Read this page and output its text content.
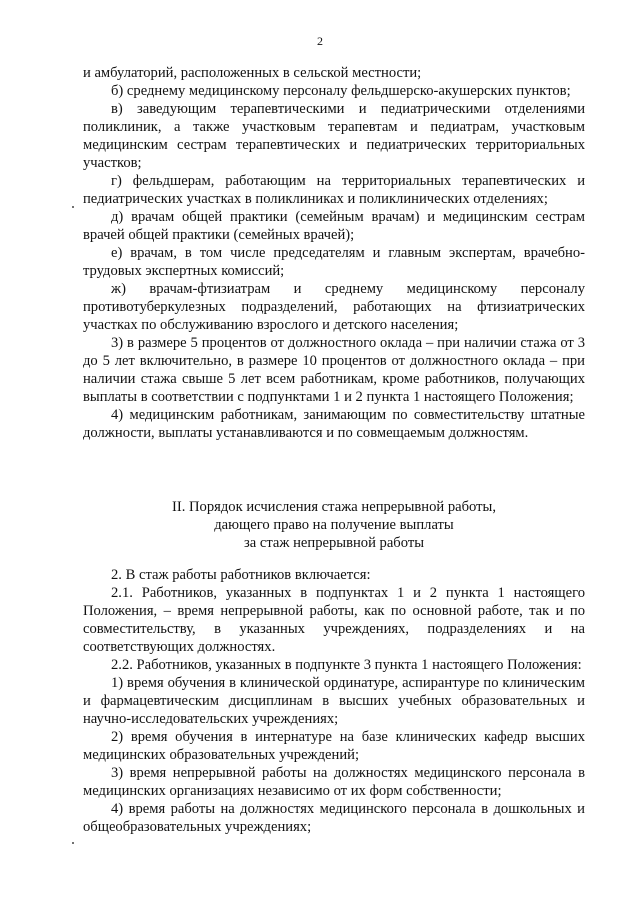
2

и амбулаторий, расположенных в сельской местности;

б) среднему медицинскому персоналу фельдшерско-акушерских пунктов;

в) заведующим терапевтическими и педиатрическими отделениями поликлиник, а также участковым терапевтам и педиатрам, участковым медицинским сестрам терапевтических и педиатрических территориальных участков;

г) фельдшерам, работающим на территориальных терапевтических и педиатрических участках в поликлиниках и поликлинических отделениях;

д) врачам общей практики (семейным врачам) и медицинским сестрам врачей общей практики (семейных врачей);

е) врачам, в том числе председателям и главным экспертам, врачебно-трудовых экспертных комиссий;

ж) врачам-фтизиатрам и среднему медицинскому персоналу противотуберкулезных подразделений, работающих на фтизиатрических участках по обслуживанию взрослого и детского населения;

3) в размере 5 процентов от должностного оклада – при наличии стажа от 3 до 5 лет включительно, в размере 10 процентов от должностного оклада – при наличии стажа свыше 5 лет всем работникам, кроме работников, получающих выплаты в соответствии с подпунктами 1 и 2 пункта 1 настоящего Положения;

4) медицинским работникам, занимающим по совместительству штатные должности, выплаты устанавливаются и по совмещаемым должностям.

II. Порядок исчисления стажа непрерывной работы,
дающего право на получение выплаты
за стаж непрерывной работы

2. В стаж работы работников включается:

2.1. Работников, указанных в подпунктах 1 и 2 пункта 1 настоящего Положения, – время непрерывной работы, как по основной работе, так и по совместительству, в указанных учреждениях, подразделениях и на соответствующих должностях.

2.2. Работников, указанных в подпункте 3 пункта 1 настоящего Положения:

1) время обучения в клинической ординатуре, аспирантуре по клиническим и фармацевтическим дисциплинам в высших учебных образовательных и научно-исследовательских учреждениях;

2) время обучения в интернатуре на базе клинических кафедр высших медицинских образовательных учреждений;

3) время непрерывной работы на должностях медицинского персонала в медицинских организациях независимо от их форм собственности;

4) время работы на должностях медицинского персонала в дошкольных и общеобразовательных учреждениях;
